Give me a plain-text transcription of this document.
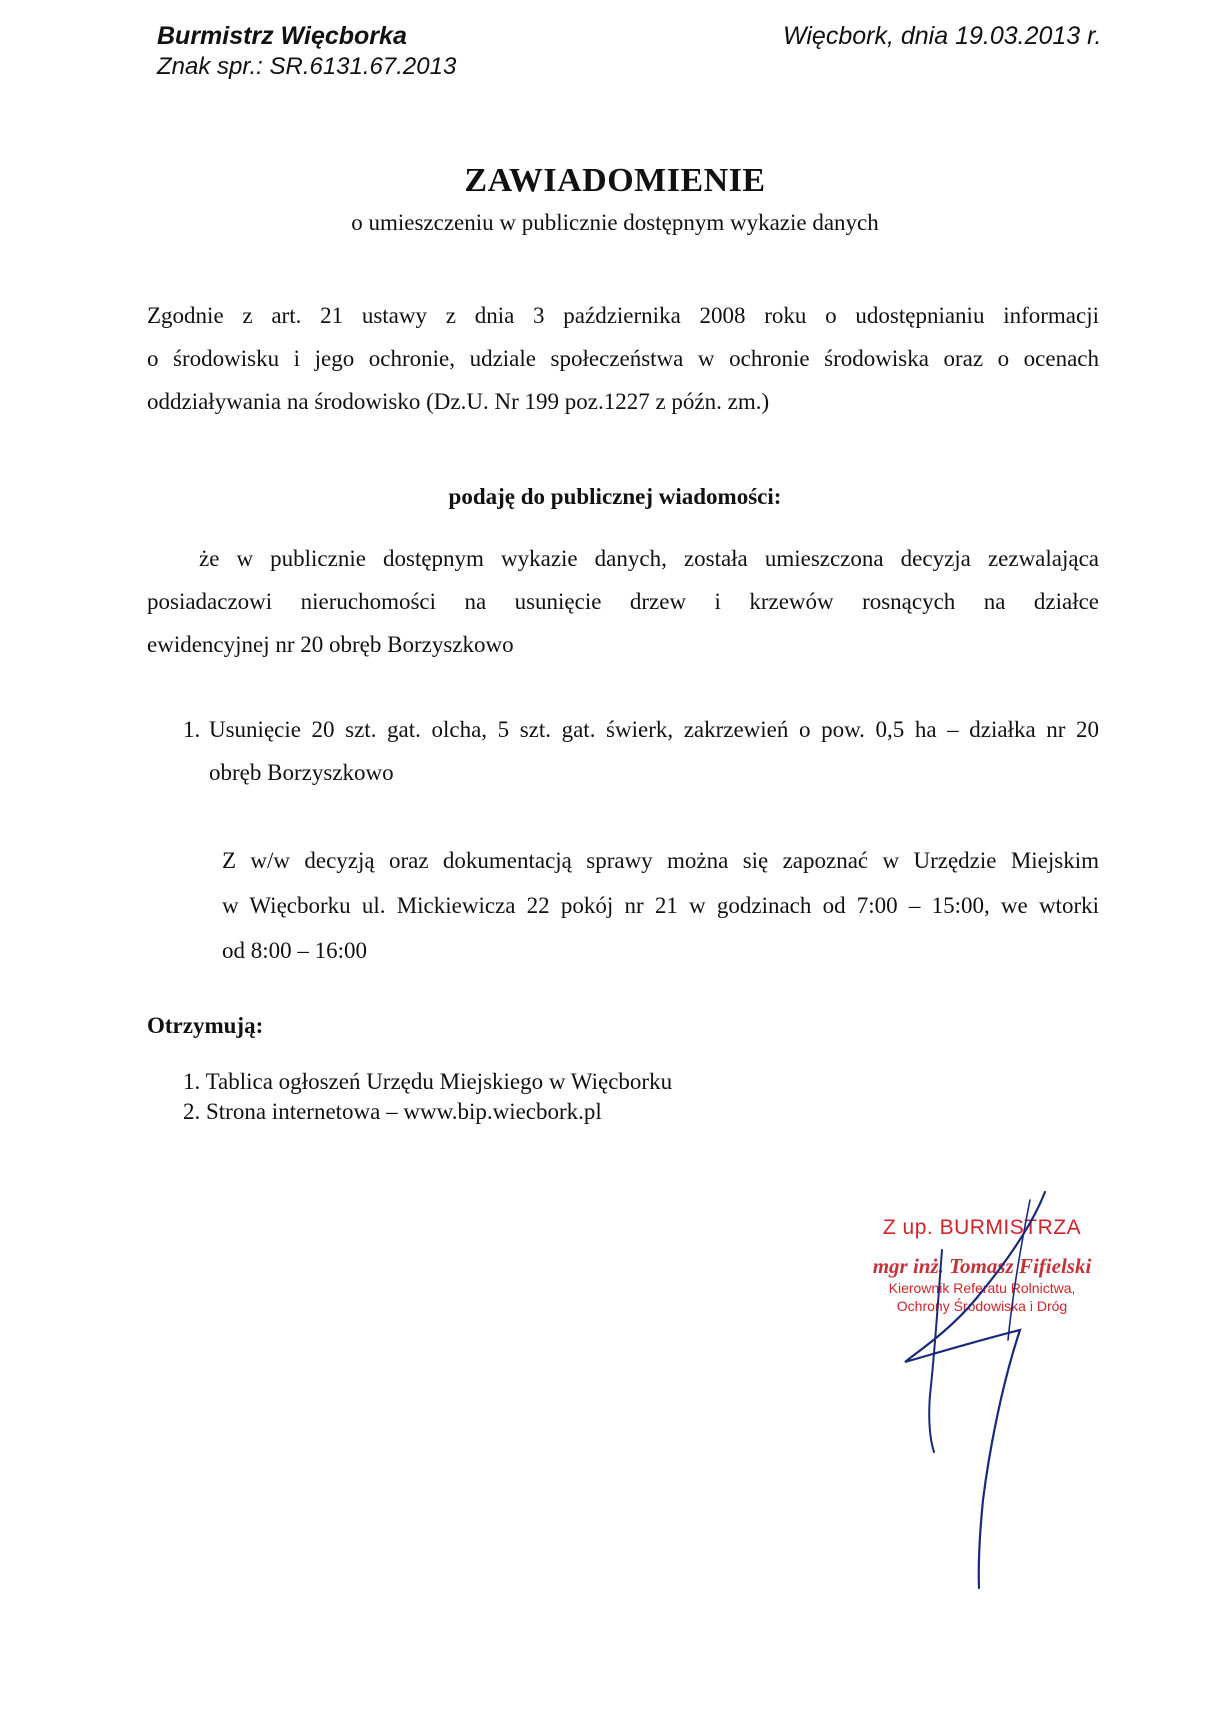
Burmistrz Więcborka
Znak spr.: SR.6131.67.2013
Więcbork, dnia 19.03.2013 r.
ZAWIADOMIENIE
o umieszczeniu w publicznie dostępnym wykazie danych
Zgodnie z art. 21 ustawy z dnia 3 października 2008 roku o udostępnianiu informacji
o środowisku i jego ochronie, udziale społeczeństwa w ochronie środowiska oraz o ocenach
oddziaływania na środowisko (Dz.U. Nr 199 poz.1227 z późn. zm.)
podaję do publicznej wiadomości:
że w publicznie dostępnym wykazie danych, została umieszczona decyzja zezwalająca
posiadaczowi nieruchomości na usunięcie drzew i krzewów rosnących na działce
ewidencyjnej nr 20 obręb Borzyszkowo
1. Usunięcie 20 szt. gat. olcha, 5 szt. gat. świerk, zakrzewień o pow. 0,5 ha – działka nr 20
obręb Borzyszkowo
Z w/w decyzją oraz dokumentacją sprawy można się zapoznać w Urzędzie Miejskim
w Więcborku ul. Mickiewicza 22 pokój nr 21 w godzinach od 7:00 – 15:00, we wtorki
od 8:00 – 16:00
Otrzymują:
1. Tablica ogłoszeń Urzędu Miejskiego w Więcborku
2. Strona internetowa – www.bip.wiecbork.pl
Z up. BURMISTRZA
mgr inż. Tomasz Fifielski
Kierownik Referatu Rolnictwa,
Ochrony Środowiska i Dróg
